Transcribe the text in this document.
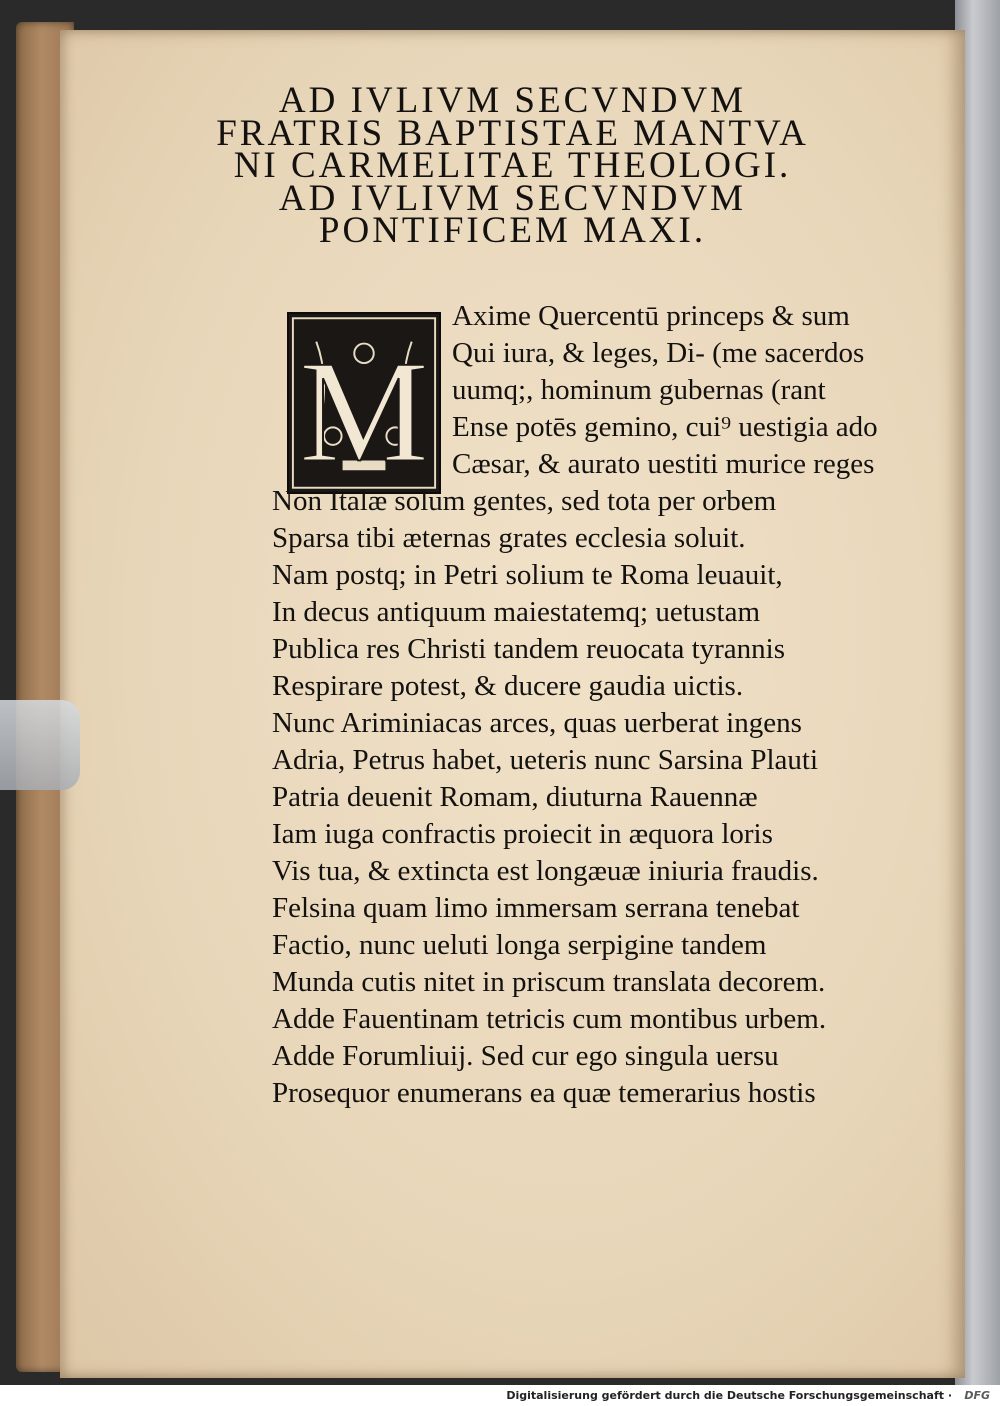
AD IVLIVM SECVNDVM
FRATRIS BAPTISTAE MANTVA
NI CARMELITAE THEOLOGI.
AD IVLIVM SECVNDVM
PONTIFICEM MAXI.
M
Axime Quercentū princeps & sum
Qui iura, & leges, Di‑ (me sacerdos
uumq;, hominum gubernas (rant
Ense potēs gemino, cui⁹ uestigia ado
Cæsar, & aurato uestiti murice reges
Non Italæ solum gentes, sed tota per orbem
Sparsa tibi æternas grates ecclesia soluit.
Nam postq; in Petri solium te Roma leuauit,
In decus antiquum maiestatemq; uetustam
Publica res Christi tandem reuocata tyrannis
Respirare potest, & ducere gaudia uictis.
Nunc Ariminiacas arces, quas uerberat ingens
Adria, Petrus habet, ueteris nunc Sarsina Plauti
Patria deuenit Romam, diuturna Rauennæ
Iam iuga confractis proiecit in æquora loris
Vis tua, & extincta est longæuæ iniuria fraudis.
Felsina quam limo immersam serrana tenebat
Factio, nunc ueluti longa serpigine tandem
Munda cutis nitet in priscum translata decorem.
Adde Fauentinam tetricis cum montibus urbem.
Adde Forumliuij. Sed cur ego singula uersu
Prosequor enumerans ea quæ temerarius hostis
Digitalisierung gefördert durch die Deutsche Forschungsgemeinschaft · DFG
